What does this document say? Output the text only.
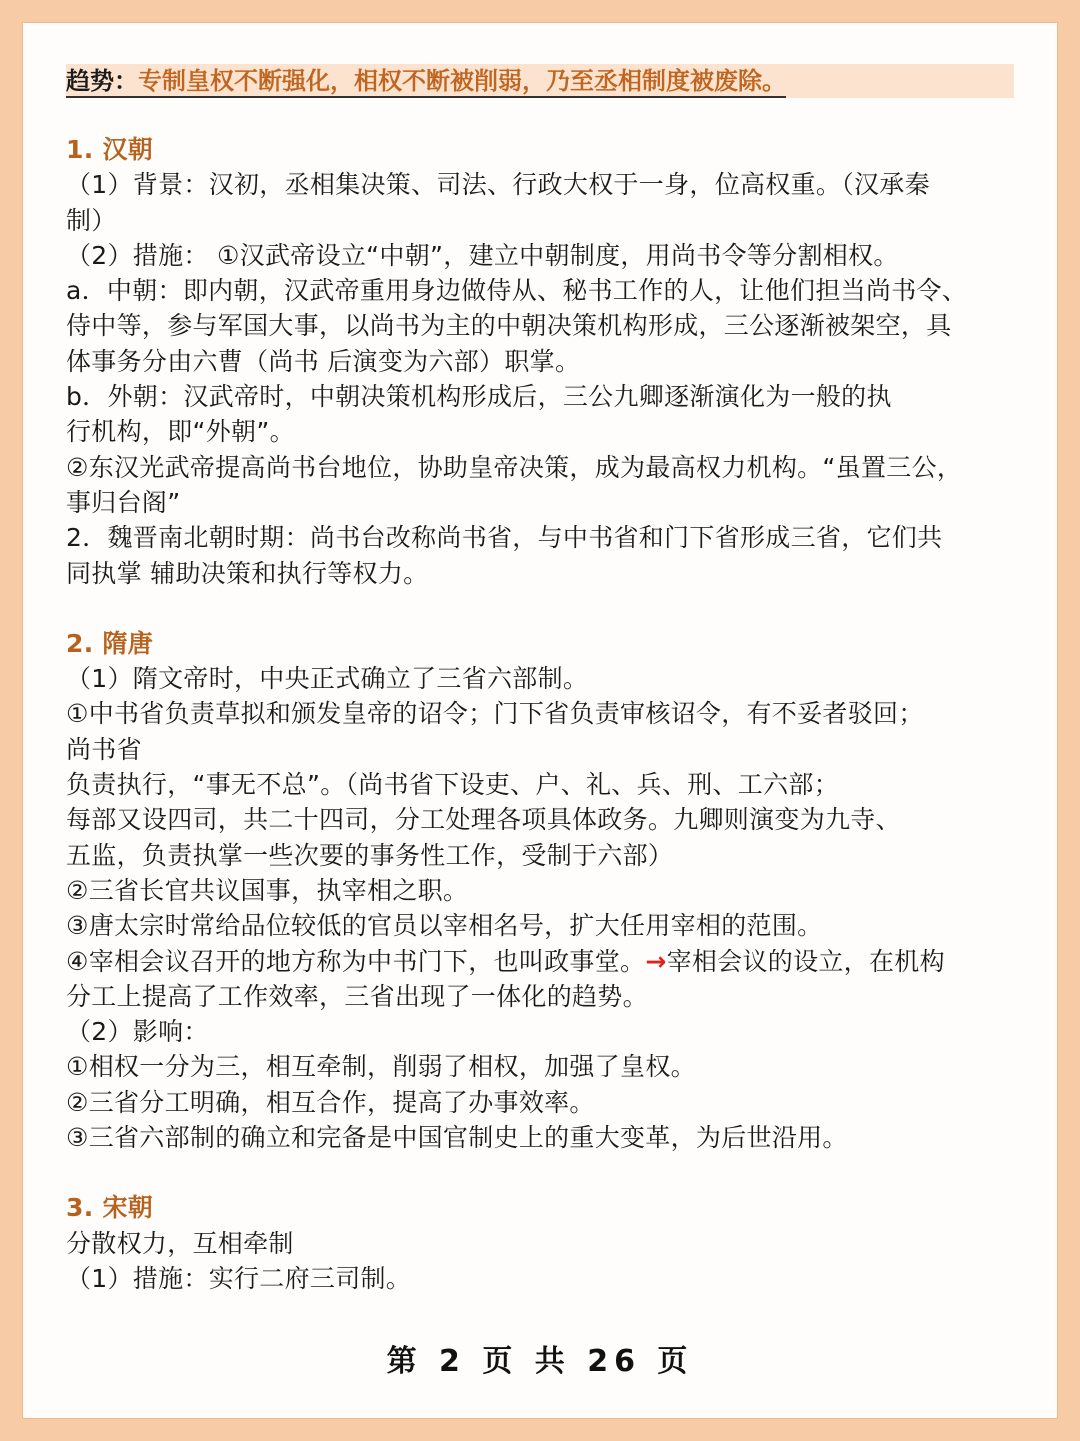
趋势：专制皇权不断强化，相权不断被削弱，乃至丞相制度被废除。
1. 汉朝
（1）背景：汉初，丞相集决策、司法、行政大权于一身，位高权重。（汉承秦
制）
（2）措施： ①汉武帝设立“中朝”，建立中朝制度，用尚书令等分割相权。
a．中朝：即内朝，汉武帝重用身边做侍从、秘书工作的人，让他们担当尚书令、
侍中等，参与军国大事，以尚书为主的中朝决策机构形成，三公逐渐被架空，具
体事务分由六曹（尚书 后演变为六部）职掌。
b．外朝：汉武帝时，中朝决策机构形成后，三公九卿逐渐演化为一般的执
行机构，即“外朝”。
②东汉光武帝提高尚书台地位，协助皇帝决策，成为最高权力机构。“虽置三公，
事归台阁”
2．魏晋南北朝时期：尚书台改称尚书省，与中书省和门下省形成三省，它们共
同执掌 辅助决策和执行等权力。
2. 隋唐
（1）隋文帝时，中央正式确立了三省六部制。
①中书省负责草拟和颁发皇帝的诏令；门下省负责审核诏令，有不妥者驳回；
尚书省
负责执行，“事无不总”。（尚书省下设吏、户、礼、兵、刑、工六部；
每部又设四司，共二十四司，分工处理各项具体政务。九卿则演变为九寺、
五监，负责执掌一些次要的事务性工作，受制于六部）
②三省长官共议国事，执宰相之职。
③唐太宗时常给品位较低的官员以宰相名号，扩大任用宰相的范围。
④宰相会议召开的地方称为中书门下，也叫政事堂。→宰相会议的设立，在机构
分工上提高了工作效率，三省出现了一体化的趋势。
（2）影响：
①相权一分为三，相互牵制，削弱了相权，加强了皇权。
②三省分工明确，相互合作，提高了办事效率。
③三省六部制的确立和完备是中国官制史上的重大变革，为后世沿用。
3. 宋朝
分散权力，互相牵制
（1）措施：实行二府三司制。
第 2 页 共 26 页
